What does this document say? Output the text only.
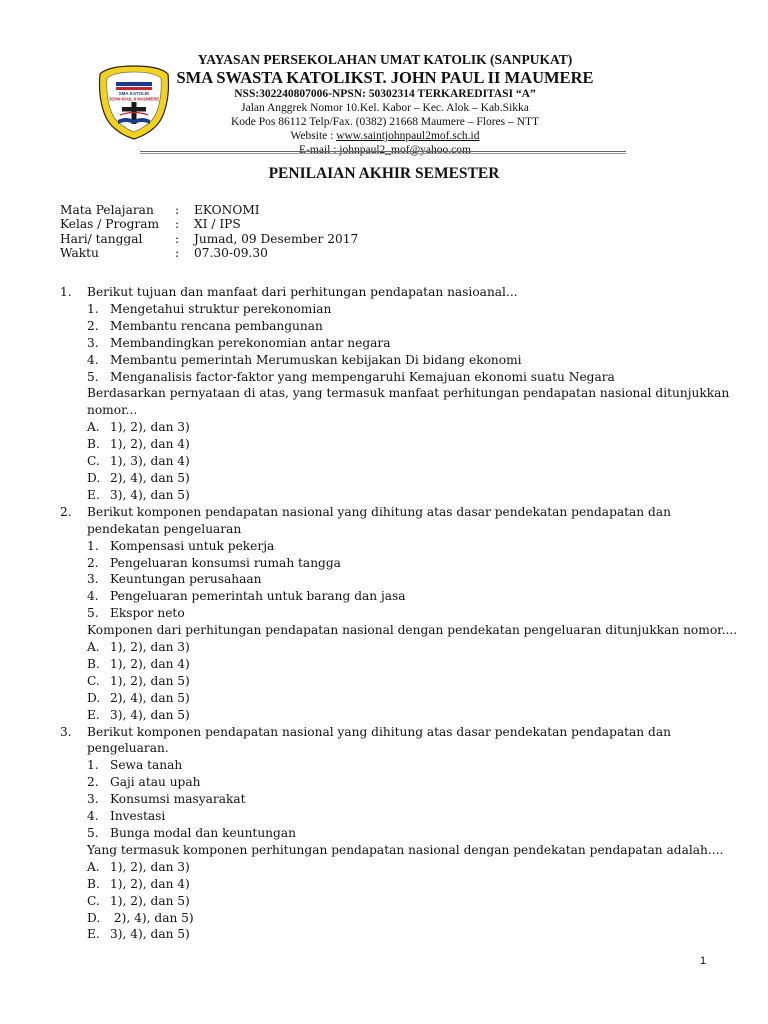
SMA KATOLIK
JOHN PAUL II MAUMERE
YAYASAN PERSEKOLAHAN UMAT KATOLIK (SANPUKAT)
SMA SWASTA KATOLIKST. JOHN PAUL II MAUMERE
NSS:302240807006-NPSN: 50302314 TERKAREDITASI “A”
Jalan Anggrek Nomor 10.Kel. Kabor – Kec. Alok – Kab.Sikka
Kode Pos 86112 Telp/Fax. (0382) 21668 Maumere – Flores – NTT
Website : www.saintjohnpaul2mof.sch.id
E-mail : johnpaul2_mof@yahoo.com
PENILAIAN AKHIR SEMESTER
Mata Pelajaran	:	EKONOMI
Kelas / Program	:	XI / IPS
Hari/ tanggal	:	Jumad, 09 Desember 2017
Waktu	:	07.30-09.30
1. Berikut tujuan dan manfaat dari perhitungan pendapatan nasioanal...
1. Mengetahui struktur perekonomian
2. Membantu rencana pembangunan
3. Membandingkan perekonomian antar negara
4. Membantu pemerintah Merumuskan kebijakan Di bidang ekonomi
5. Menganalisis factor-faktor yang mempengaruhi Kemajuan ekonomi suatu Negara
Berdasarkan pernyataan di atas, yang termasuk manfaat perhitungan pendapatan nasional ditunjukkan nomor...
A. 1), 2), dan 3)
B. 1), 2), dan 4)
C. 1), 3), dan 4)
D. 2), 4), dan 5)
E. 3), 4), dan 5)
2. Berikut komponen pendapatan nasional yang dihitung atas dasar pendekatan pendapatan dan pendekatan pengeluaran
1. Kompensasi untuk pekerja
2. Pengeluaran konsumsi rumah tangga
3. Keuntungan perusahaan
4. Pengeluaran pemerintah untuk barang dan jasa
5. Ekspor neto
Komponen dari perhitungan pendapatan nasional dengan pendekatan pengeluaran ditunjukkan nomor....
A. 1), 2), dan 3)
B. 1), 2), dan 4)
C. 1), 2), dan 5)
D. 2), 4), dan 5)
E. 3), 4), dan 5)
3. Berikut komponen pendapatan nasional yang dihitung atas dasar pendekatan pendapatan dan pengeluaran.
1. Sewa tanah
2. Gaji atau upah
3. Konsumsi masyarakat
4. Investasi
5. Bunga modal dan keuntungan
Yang termasuk komponen perhitungan pendapatan nasional dengan pendekatan pendapatan adalah....
A. 1), 2), dan 3)
B. 1), 2), dan 4)
C. 1), 2), dan 5)
D. 2), 4), dan 5)
E. 3), 4), dan 5)
1
